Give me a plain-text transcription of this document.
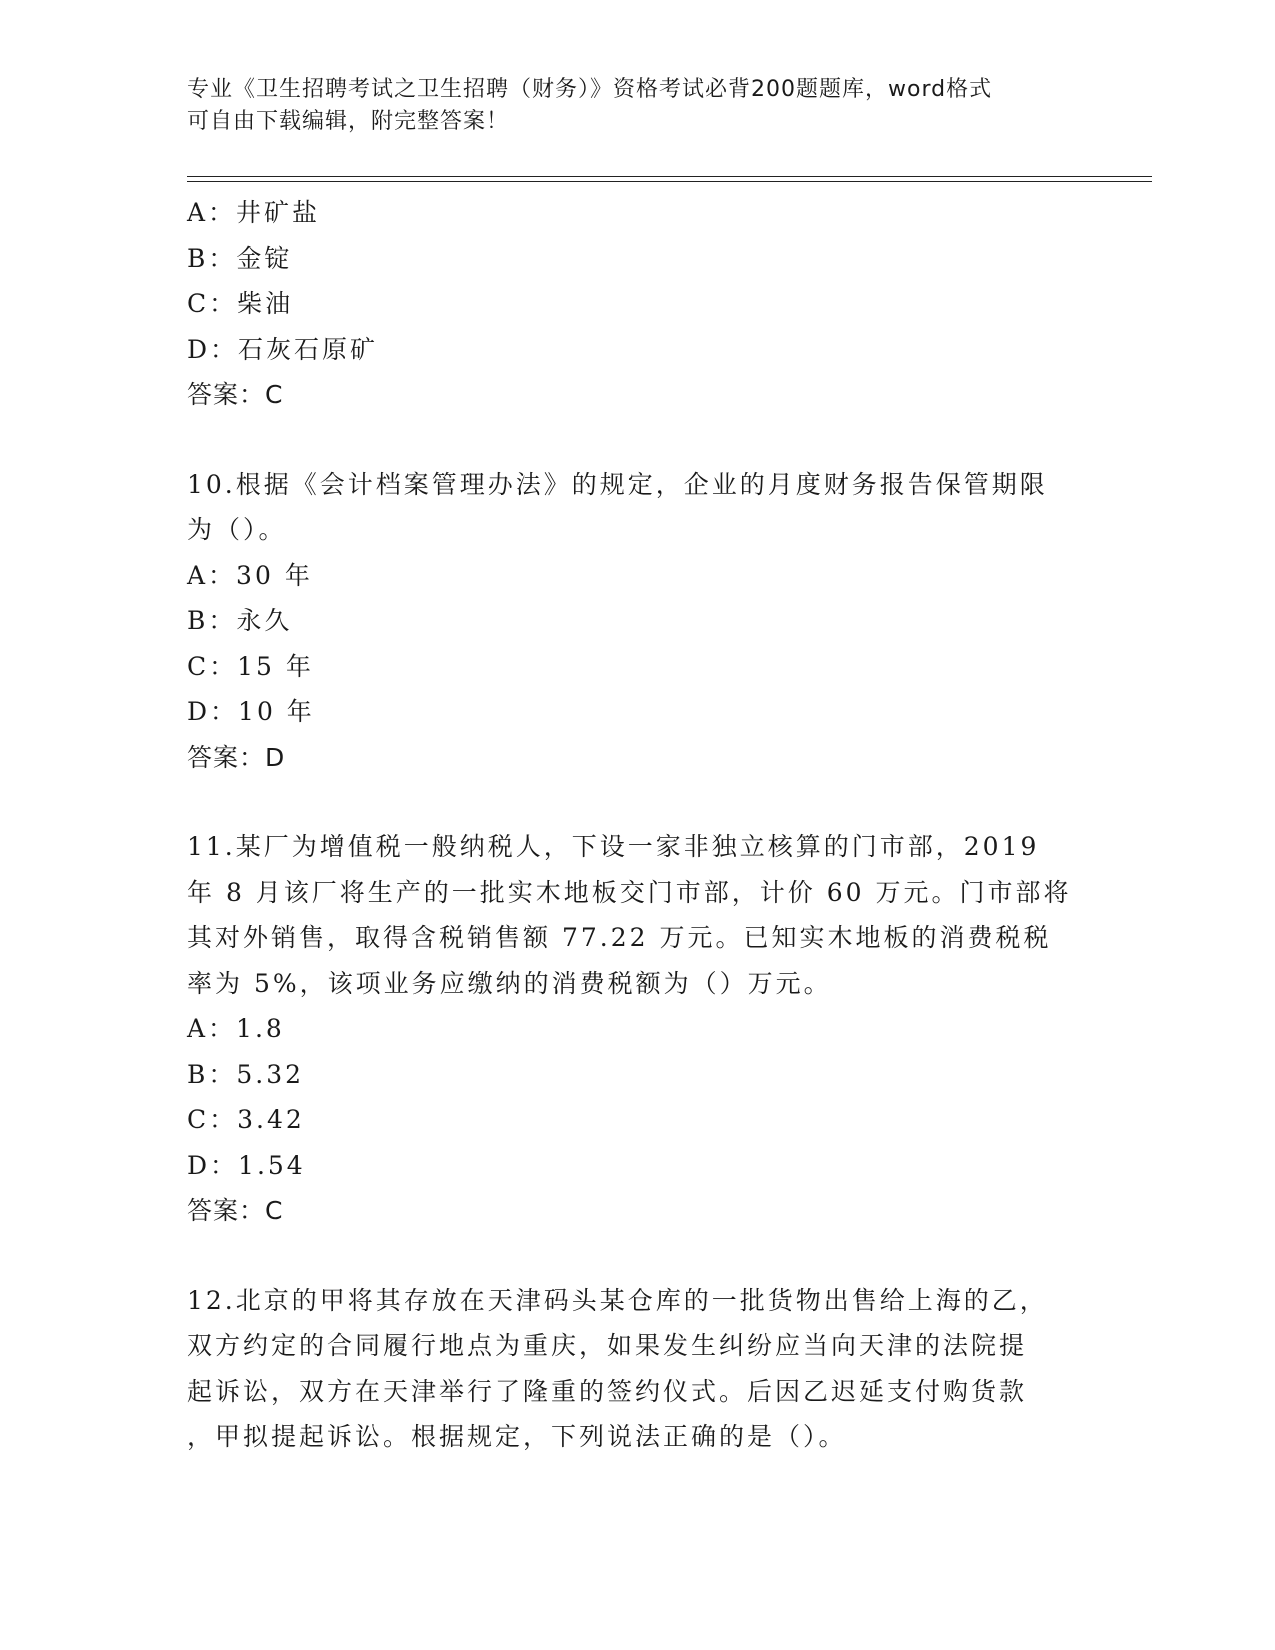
专业《卫生招聘考试之卫生招聘（财务）》资格考试必背200题题库，word格式
可自由下载编辑，附完整答案！
A：井矿盐
B：金锭
C：柴油
D：石灰石原矿
答案：C
10.根据《会计档案管理办法》的规定，企业的月度财务报告保管期限
为（）。
A：30 年
B：永久
C：15 年
D：10 年
答案：D
11.某厂为增值税一般纳税人，下设一家非独立核算的门市部，2019
年 8 月该厂将生产的一批实木地板交门市部，计价 60 万元。门市部将
其对外销售，取得含税销售额 77.22 万元。已知实木地板的消费税税
率为 5%，该项业务应缴纳的消费税额为（）万元。
A：1.8
B：5.32
C：3.42
D：1.54
答案：C
12.北京的甲将其存放在天津码头某仓库的一批货物出售给上海的乙，
双方约定的合同履行地点为重庆，如果发生纠纷应当向天津的法院提
起诉讼，双方在天津举行了隆重的签约仪式。后因乙迟延支付购货款
，甲拟提起诉讼。根据规定，下列说法正确的是（）。
